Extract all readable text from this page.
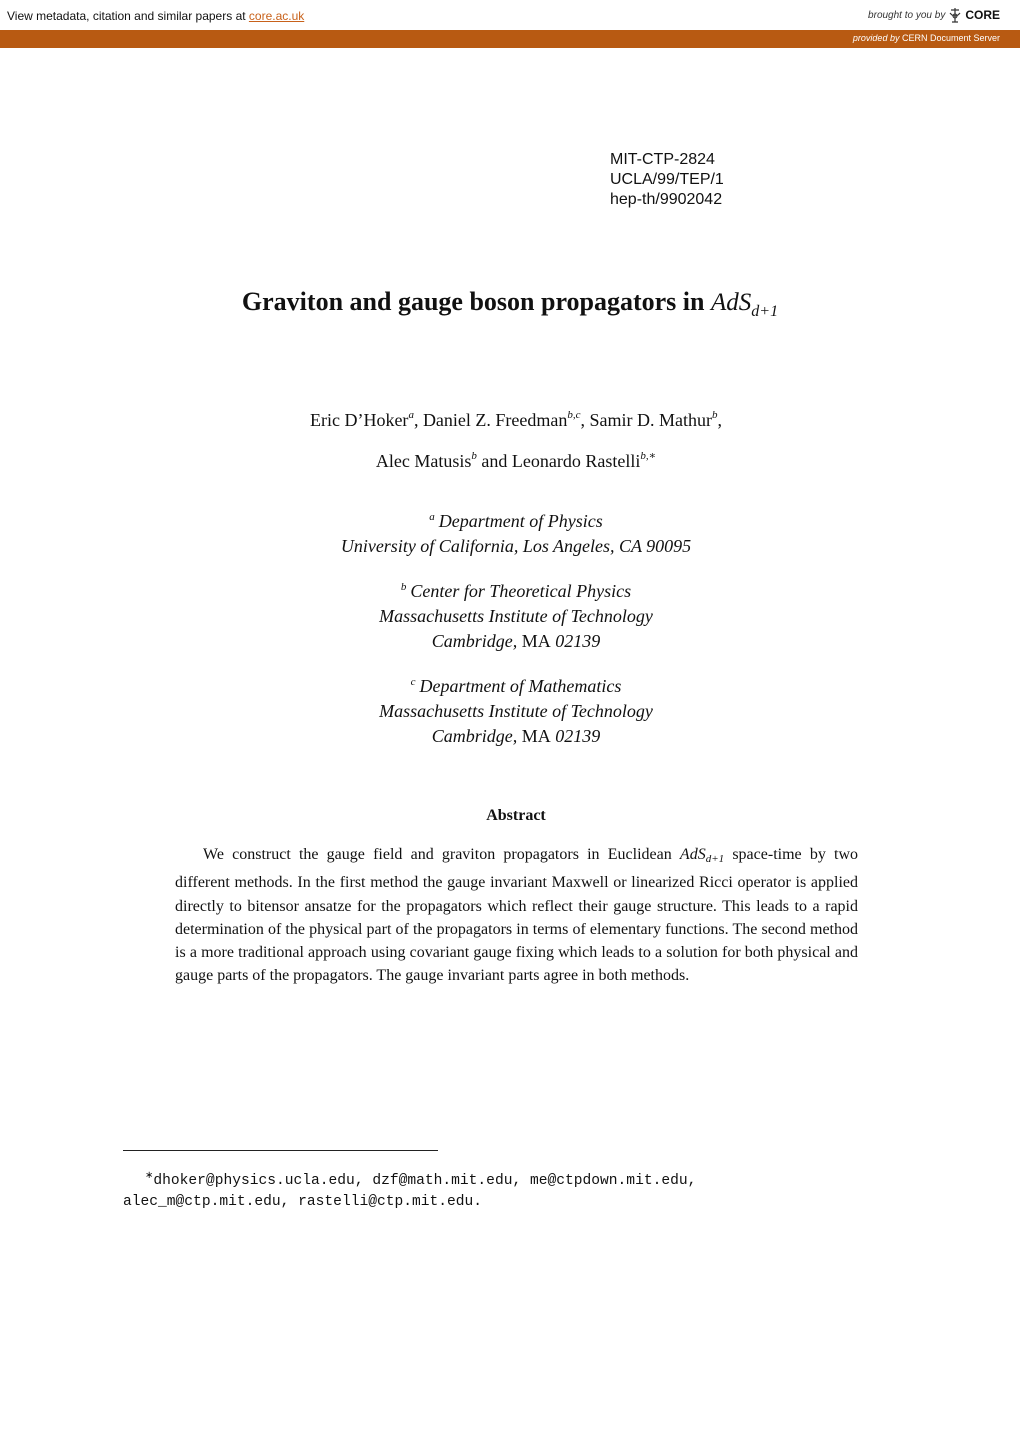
View metadata, citation and similar papers at core.ac.uk	brought to you by CORE
provided by CERN Document Server
MIT-CTP-2824
UCLA/99/TEP/1
hep-th/9902042
Graviton and gauge boson propagators in AdS$_{d+1}$
Eric D’Hoker$^a$, Daniel Z. Freedman$^{b,c}$, Samir D. Mathur$^b$,
Alec Matusis$^b$ and Leonardo Rastelli$^{b,∗}$
$^a$ Department of Physics
University of California, Los Angeles, CA 90095
$^b$ Center for Theoretical Physics
Massachusetts Institute of Technology
Cambridge, MA 02139
$^c$ Department of Mathematics
Massachusetts Institute of Technology
Cambridge, MA 02139
Abstract
We construct the gauge field and graviton propagators in Euclidean AdS$_{d+1}$ space-time by two different methods. In the first method the gauge invariant Maxwell or linearized Ricci operator is applied directly to bitensor ansatze for the propagators which reflect their gauge structure. This leads to a rapid determination of the physical part of the propagators in terms of elementary functions. The second method is a more traditional approach using covariant gauge fixing which leads to a solution for both physical and gauge parts of the propagators. The gauge invariant parts agree in both methods.
∗dhoker@physics.ucla.edu, dzf@math.mit.edu, me@ctpdown.mit.edu,
alec_m@ctp.mit.edu, rastelli@ctp.mit.edu.
